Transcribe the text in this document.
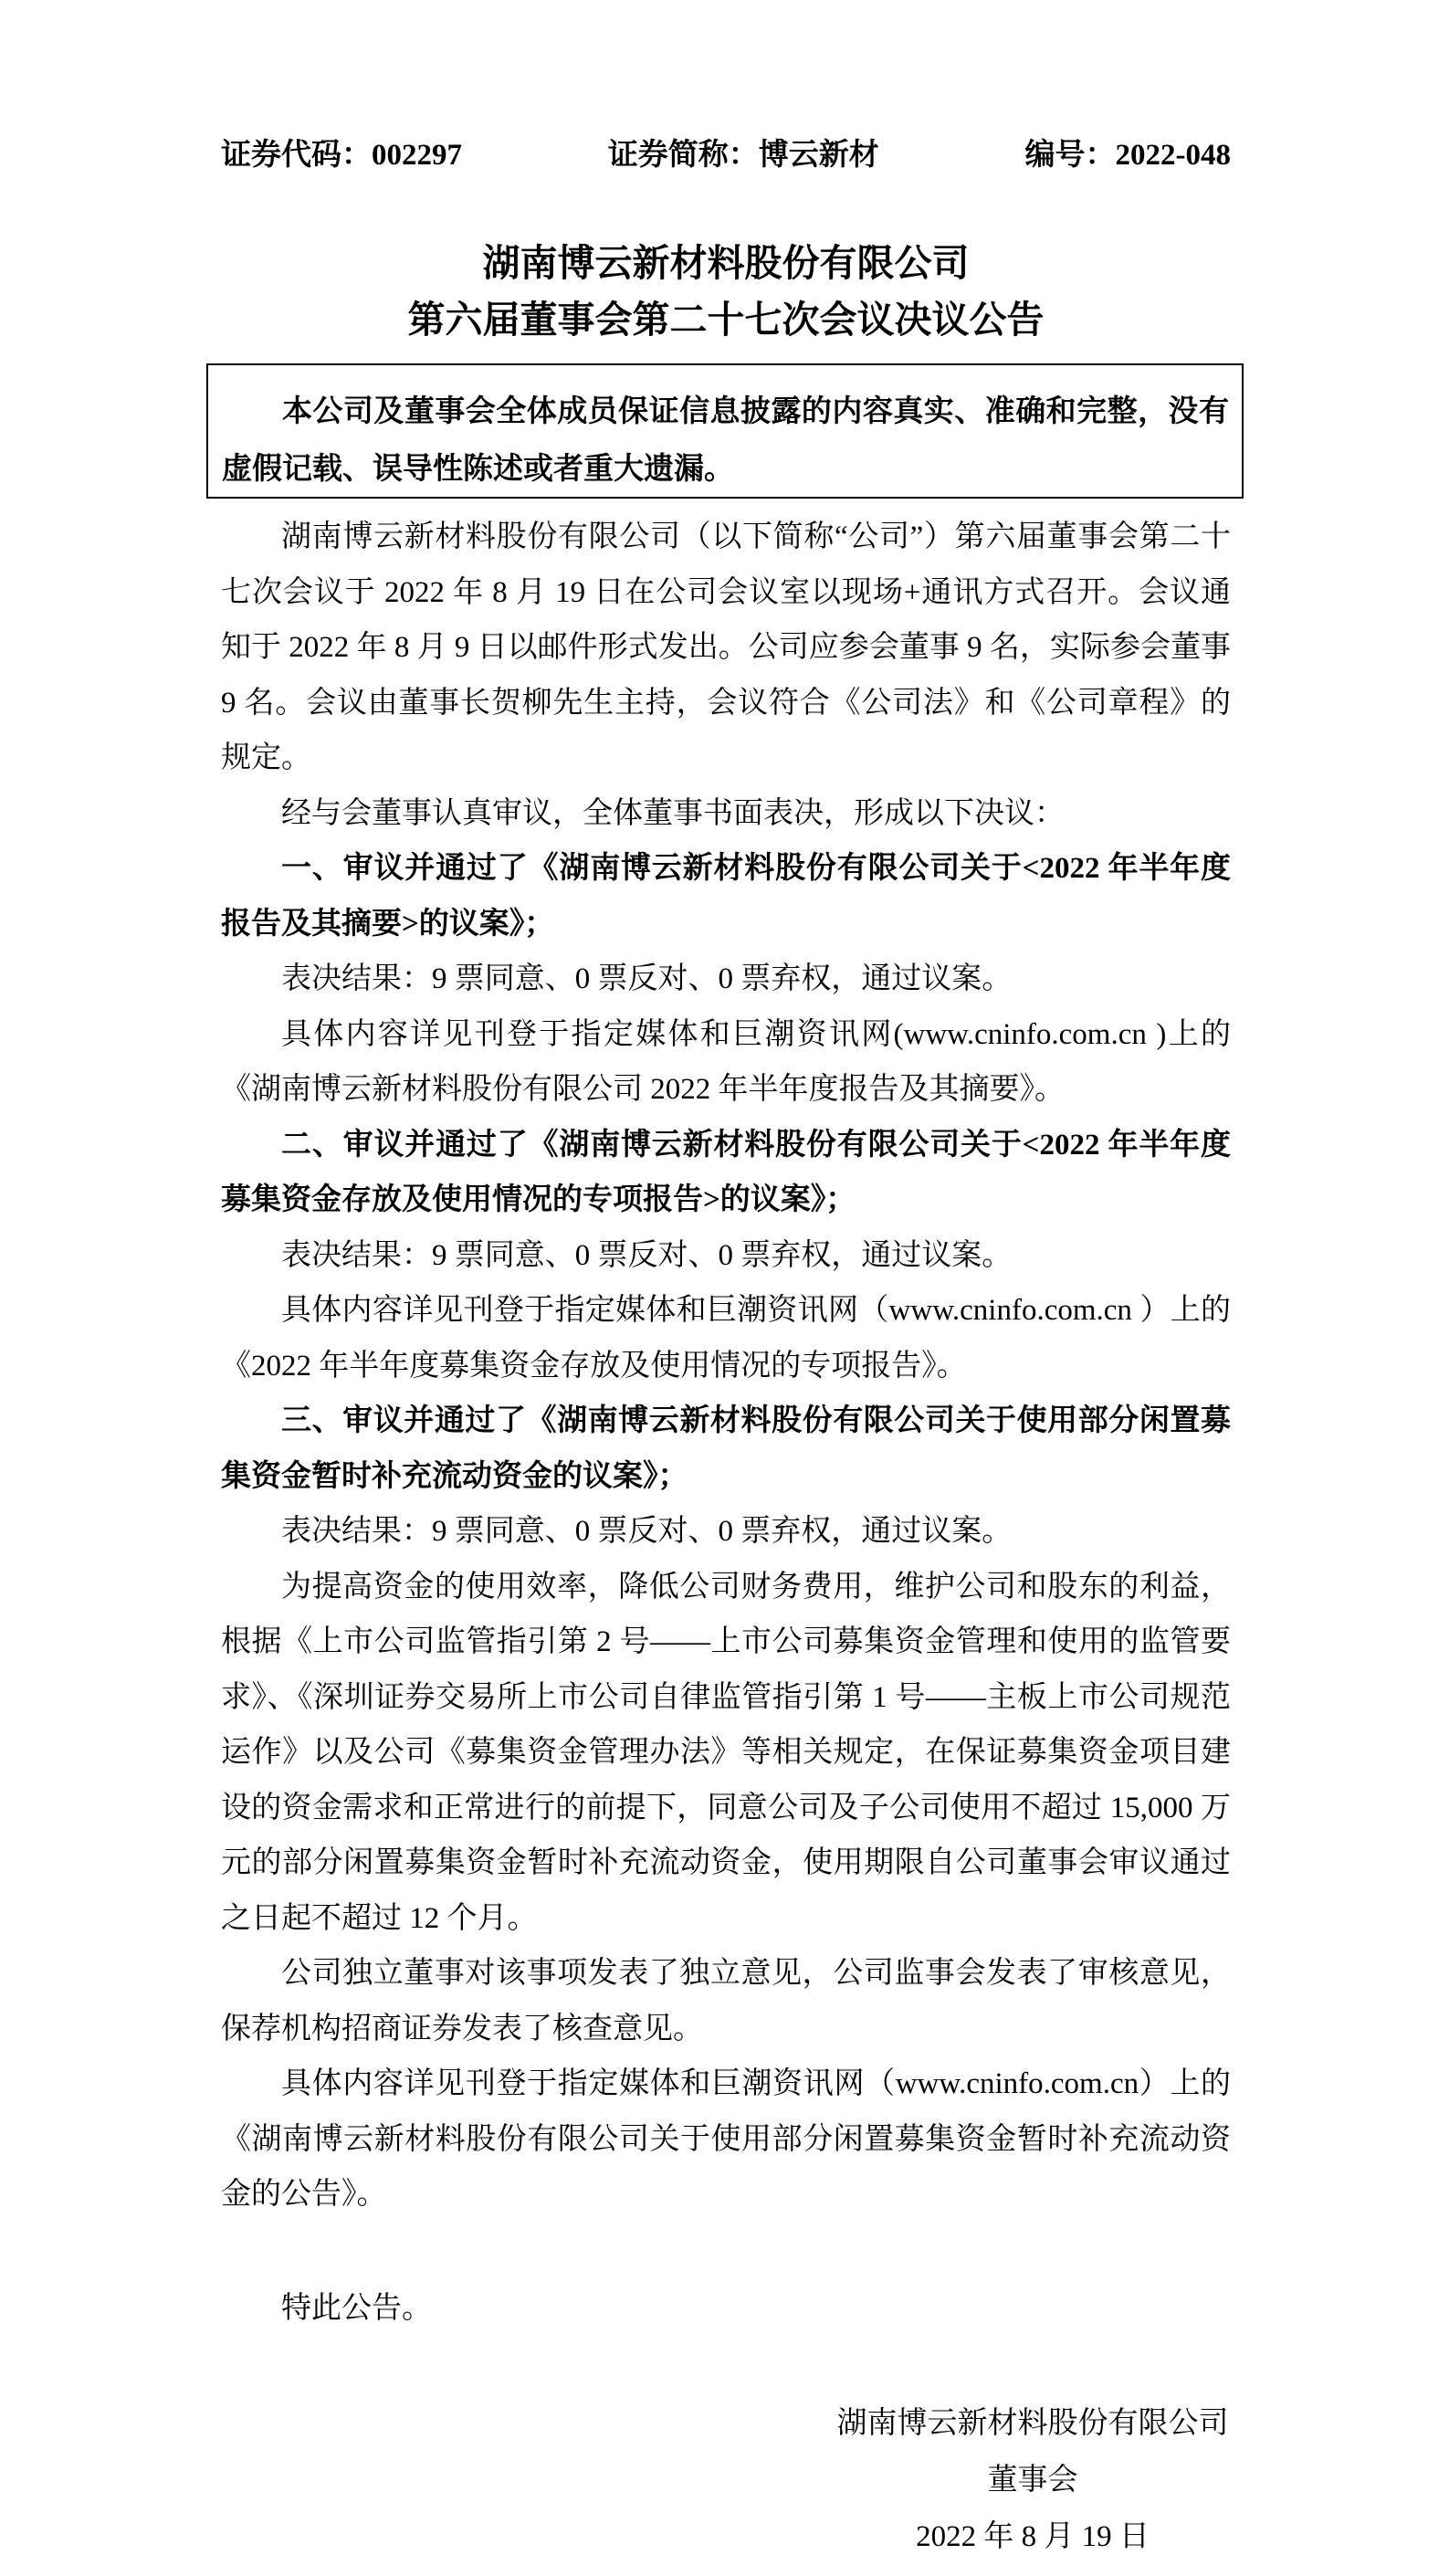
证券代码：002297	证券简称：博云新材	编号：2022-048
湖南博云新材料股份有限公司
第六届董事会第二十七次会议决议公告

本公司及董事会全体成员保证信息披露的内容真实、准确和完整，没有虚假记载、误导性陈述或者重大遗漏。

湖南博云新材料股份有限公司（以下简称“公司”）第六届董事会第二十七次会议于 2022 年 8 月 19 日在公司会议室以现场+通讯方式召开。会议通知于 2022 年 8 月 9 日以邮件形式发出。公司应参会董事 9 名，实际参会董事 9 名。会议由董事长贺柳先生主持，会议符合《公司法》和《公司章程》的规定。

经与会董事认真审议，全体董事书面表决，形成以下决议：

一、审议并通过了《湖南博云新材料股份有限公司关于<2022 年半年度报告及其摘要>的议案》；

表决结果：9 票同意、0 票反对、0 票弃权，通过议案。

具体内容详见刊登于指定媒体和巨潮资讯网(www.cninfo.com.cn )上的《湖南博云新材料股份有限公司 2022 年半年度报告及其摘要》。

二、审议并通过了《湖南博云新材料股份有限公司关于<2022 年半年度募集资金存放及使用情况的专项报告>的议案》；

表决结果：9 票同意、0 票反对、0 票弃权，通过议案。

具体内容详见刊登于指定媒体和巨潮资讯网（www.cninfo.com.cn ）上的《2022 年半年度募集资金存放及使用情况的专项报告》。

三、审议并通过了《湖南博云新材料股份有限公司关于使用部分闲置募集资金暂时补充流动资金的议案》；

表决结果：9 票同意、0 票反对、0 票弃权，通过议案。

为提高资金的使用效率，降低公司财务费用，维护公司和股东的利益，根据《上市公司监管指引第 2 号——上市公司募集资金管理和使用的监管要求》、《深圳证券交易所上市公司自律监管指引第 1 号——主板上市公司规范运作》以及公司《募集资金管理办法》等相关规定，在保证募集资金项目建设的资金需求和正常进行的前提下，同意公司及子公司使用不超过 15,000 万元的部分闲置募集资金暂时补充流动资金，使用期限自公司董事会审议通过之日起不超过 12 个月。

公司独立董事对该事项发表了独立意见，公司监事会发表了审核意见，保荐机构招商证券发表了核查意见。

具体内容详见刊登于指定媒体和巨潮资讯网（www.cninfo.com.cn）上的《湖南博云新材料股份有限公司关于使用部分闲置募集资金暂时补充流动资金的公告》。

特此公告。

湖南博云新材料股份有限公司

董事会

2022 年 8 月 19 日
